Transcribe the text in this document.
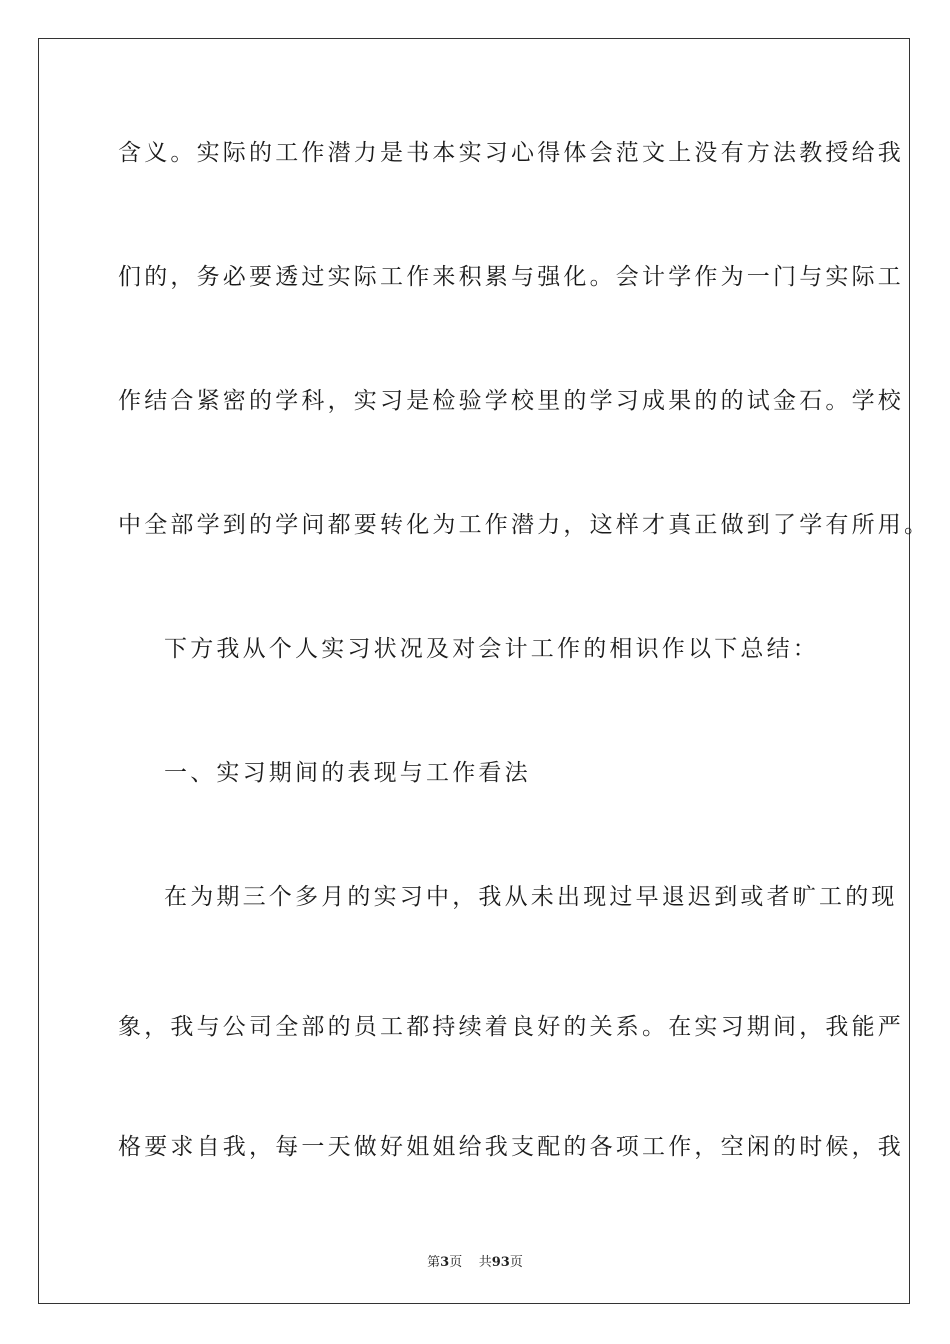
含义。实际的工作潜力是书本实习心得体会范文上没有方法教授给我
们的，务必要透过实际工作来积累与强化。会计学作为一门与实际工
作结合紧密的学科，实习是检验学校里的学习成果的的试金石。学校
中全部学到的学问都要转化为工作潜力，这样才真正做到了学有所用。
下方我从个人实习状况及对会计工作的相识作以下总结：
一、实习期间的表现与工作看法
在为期三个多月的实习中，我从未出现过早退迟到或者旷工的现
象，我与公司全部的员工都持续着良好的关系。在实习期间，我能严
格要求自我，每一天做好姐姐给我支配的各项工作，空闲的时候，我
第3页 共93页
